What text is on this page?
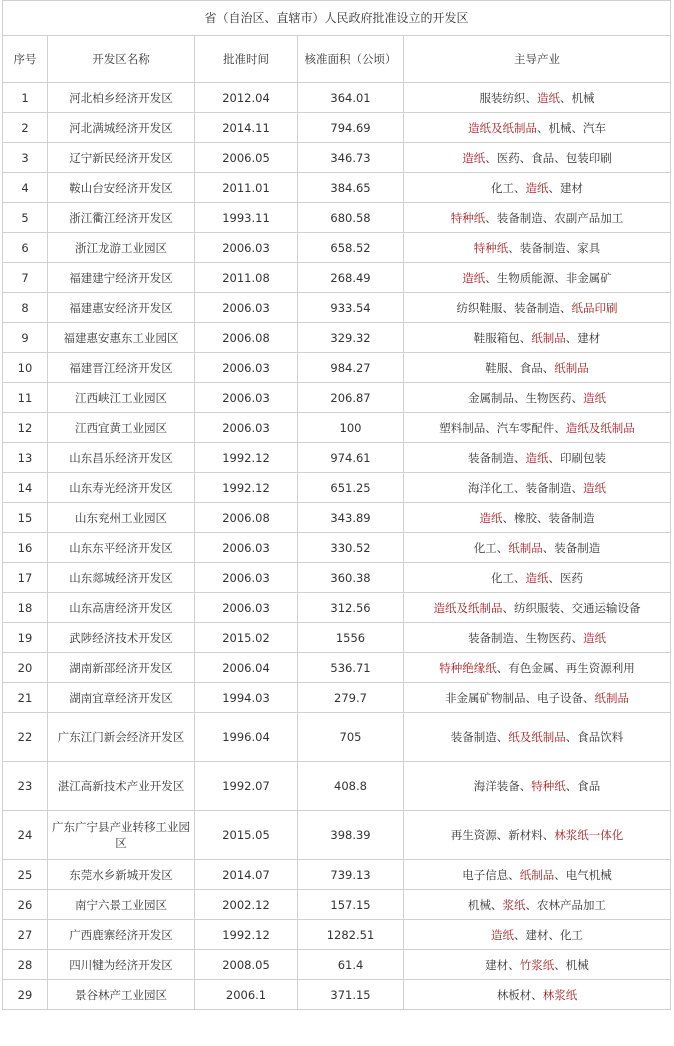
省（自治区、直辖市）人民政府批准设立的开发区				
序号	开发区名称	批准时间	核准面积（公顷）	主导产业
1	河北柏乡经济开发区	2012.04	364.01	服装纺织、造纸、机械
2	河北满城经济开发区	2014.11	794.69	造纸及纸制品、机械、汽车
3	辽宁新民经济开发区	2006.05	346.73	造纸、医药、食品、包装印刷
4	鞍山台安经济开发区	2011.01	384.65	化工、造纸、建材
5	浙江衢江经济开发区	1993.11	680.58	特种纸、装备制造、农副产品加工
6	浙江龙游工业园区	2006.03	658.52	特种纸、装备制造、家具
7	福建建宁经济开发区	2011.08	268.49	造纸、生物质能源、非金属矿
8	福建惠安经济开发区	2006.03	933.54	纺织鞋服、装备制造、纸品印刷
9	福建惠安惠东工业园区	2006.08	329.32	鞋服箱包、纸制品、建材
10	福建晋江经济开发区	2006.03	984.27	鞋服、食品、纸制品
11	江西峡江工业园区	2006.03	206.87	金属制品、生物医药、造纸
12	江西宜黄工业园区	2006.03	100	塑料制品、汽车零配件、造纸及纸制品
13	山东昌乐经济开发区	1992.12	974.61	装备制造、造纸、印刷包装
14	山东寿光经济开发区	1992.12	651.25	海洋化工、装备制造、造纸
15	山东兖州工业园区	2006.08	343.89	造纸、橡胶、装备制造
16	山东东平经济开发区	2006.03	330.52	化工、纸制品、装备制造
17	山东郯城经济开发区	2006.03	360.38	化工、造纸、医药
18	山东高唐经济开发区	2006.03	312.56	造纸及纸制品、纺织服装、交通运输设备
19	武陟经济技术开发区	2015.02	1556	装备制造、生物医药、造纸
20	湖南新邵经济开发区	2006.04	536.71	特种绝缘纸、有色金属、再生资源利用
21	湖南宜章经济开发区	1994.03	279.7	非金属矿物制品、电子设备、纸制品
22	广东江门新会经济开发区	1996.04	705	装备制造、纸及纸制品、食品饮料
23	湛江高新技术产业开发区	1992.07	408.8	海洋装备、特种纸、食品
24	广东广宁县产业转移工业园区	2015.05	398.39	再生资源、新材料、林浆纸一体化
25	东莞水乡新城开发区	2014.07	739.13	电子信息、纸制品、电气机械
26	南宁六景工业园区	2002.12	157.15	机械、浆纸、农林产品加工
27	广西鹿寨经济开发区	1992.12	1282.51	造纸、建材、化工
28	四川犍为经济开发区	2008.05	61.4	建材、竹浆纸、机械
29	景谷林产工业园区	2006.1	371.15	林板材、林浆纸
